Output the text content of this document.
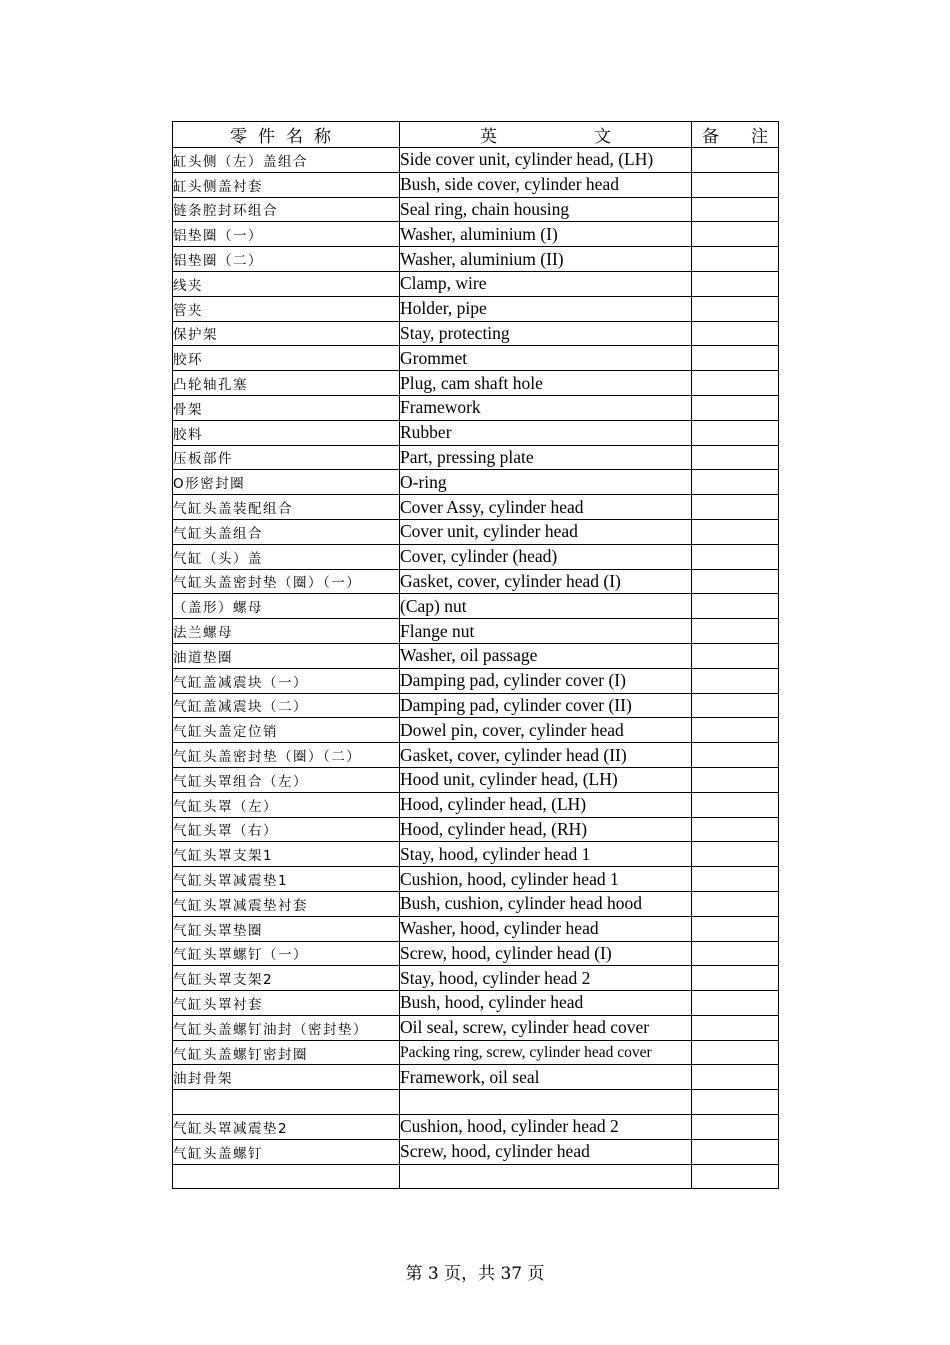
零件名称	英 文	备 注

缸头侧（左）盖组合	Side cover unit, cylinder head, (LH)	
缸头侧盖衬套	Bush, side cover, cylinder head	
链条腔封环组合	Seal ring, chain housing	
铝垫圈（一）	Washer, aluminium (I)	
铝垫圈（二）	Washer, aluminium (II)	
线夹	Clamp, wire	
管夹	Holder, pipe	
保护架	Stay, protecting	
胶环	Grommet	
凸轮轴孔塞	Plug, cam shaft hole	
骨架	Framework	
胶料	Rubber	
压板部件	Part, pressing plate	
O形密封圈	O-ring	
气缸头盖装配组合	Cover Assy, cylinder head	
气缸头盖组合	Cover unit, cylinder head	
气缸（头）盖	Cover, cylinder (head)	
气缸头盖密封垫（圈）（一）	Gasket, cover, cylinder head (I)	
（盖形）螺母	(Cap) nut	
法兰螺母	Flange nut	
油道垫圈	Washer, oil passage	
气缸盖减震块（一）	Damping pad, cylinder cover (I)	
气缸盖减震块（二）	Damping pad, cylinder cover (II)	
气缸头盖定位销	Dowel pin, cover, cylinder head	
气缸头盖密封垫（圈）（二）	Gasket, cover, cylinder head (II)	
气缸头罩组合（左）	Hood unit, cylinder head, (LH)	
气缸头罩（左）	Hood, cylinder head, (LH)	
气缸头罩（右）	Hood, cylinder head, (RH)	
气缸头罩支架1	Stay, hood, cylinder head 1	
气缸头罩减震垫1	Cushion, hood, cylinder head 1	
气缸头罩减震垫衬套	Bush, cushion, cylinder head hood	
气缸头罩垫圈	Washer, hood, cylinder head	
气缸头罩螺钉（一）	Screw, hood, cylinder head (I)	
气缸头罩支架2	Stay, hood, cylinder head 2	
气缸头罩衬套	Bush, hood, cylinder head	
气缸头盖螺钉油封（密封垫）	Oil seal, screw, cylinder head cover	
气缸头盖螺钉密封圈	Packing ring, screw, cylinder head cover	
油封骨架	Framework, oil seal	

气缸头罩减震垫2	Cushion, hood, cylinder head 2	
气缸头盖螺钉	Screw, hood, cylinder head	

第 3 页，共 37 页
